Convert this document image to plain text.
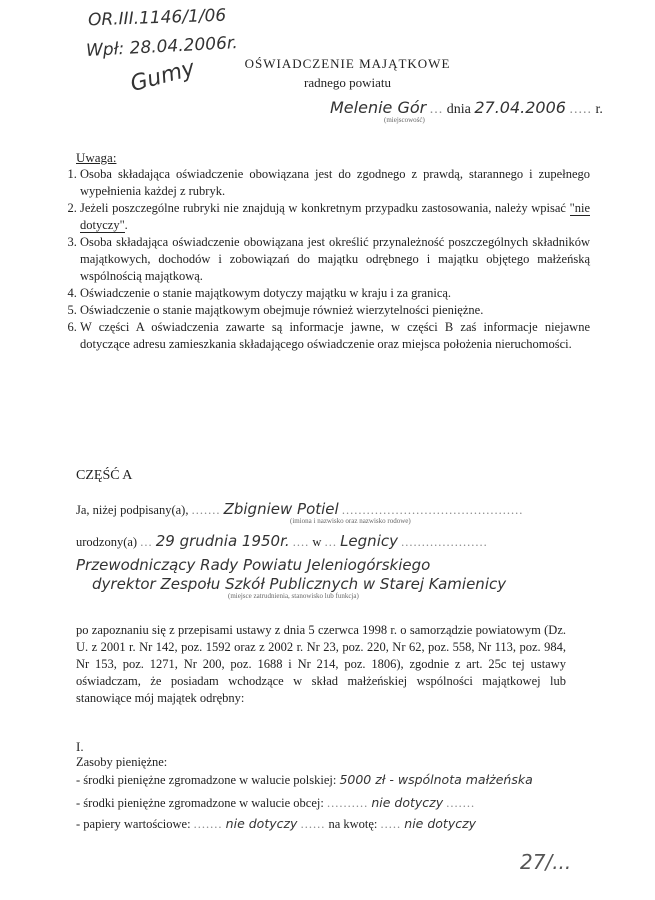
OR.III.1146/1/06
Wpł: 28.04.2006r.
Gumy	OŚWIADCZENIE MAJĄTKOWE
radnego powiatu
Melenie Gór ... dnia 27.04.2006 ..... r.
(miejscowość)
Uwaga:
1. Osoba składająca oświadczenie obowiązana jest do zgodnego z prawdą, starannego i zupełnego wypełnienia każdej z rubryk.
2. Jeżeli poszczególne rubryki nie znajdują w konkretnym przypadku zastosowania, należy wpisać "nie dotyczy".
3. Osoba składająca oświadczenie obowiązana jest określić przynależność poszczególnych składników majątkowych, dochodów i zobowiązań do majątku odrębnego i majątku objętego małżeńską wspólnością majątkową.
4. Oświadczenie o stanie majątkowym dotyczy majątku w kraju i za granicą.
5. Oświadczenie o stanie majątkowym obejmuje również wierzytelności pieniężne.
6. W części A oświadczenia zawarte są informacje jawne, w części B zaś informacje niejawne dotyczące adresu zamieszkania składającego oświadczenie oraz miejsca położenia nieruchomości.
CZĘŚĆ A
Ja, niżej podpisany(a), ....... Zbigniew Potiel ............................................
(imiona i nazwisko oraz nazwisko rodowe)
urodzony(a) ... 29 grudnia 1950r. .... w ... Legnicy .....................
Przewodniczący Rady Powiatu Jeleniogórskiego
dyrektor Zespołu Szkół Publicznych w Starej Kamienicy
(miejsce zatrudnienia, stanowisko lub funkcja)
po zapoznaniu się z przepisami ustawy z dnia 5 czerwca 1998 r. o samorządzie powiatowym (Dz. U. z 2001 r. Nr 142, poz. 1592 oraz z 2002 r. Nr 23, poz. 220, Nr 62, poz. 558, Nr 113, poz. 984, Nr 153, poz. 1271, Nr 200, poz. 1688 i Nr 214, poz. 1806), zgodnie z art. 25c tej ustawy oświadczam, że posiadam wchodzące w skład małżeńskiej wspólności majątkowej lub stanowiące mój majątek odrębny:
I.
Zasoby pieniężne:
- środki pieniężne zgromadzone w walucie polskiej: 5000 zł - wspólnota małżeńska
- środki pieniężne zgromadzone w walucie obcej: .......... nie dotyczy .......
- papiery wartościowe: ....... nie dotyczy ...... na kwotę: ..... nie dotyczy
27/...
